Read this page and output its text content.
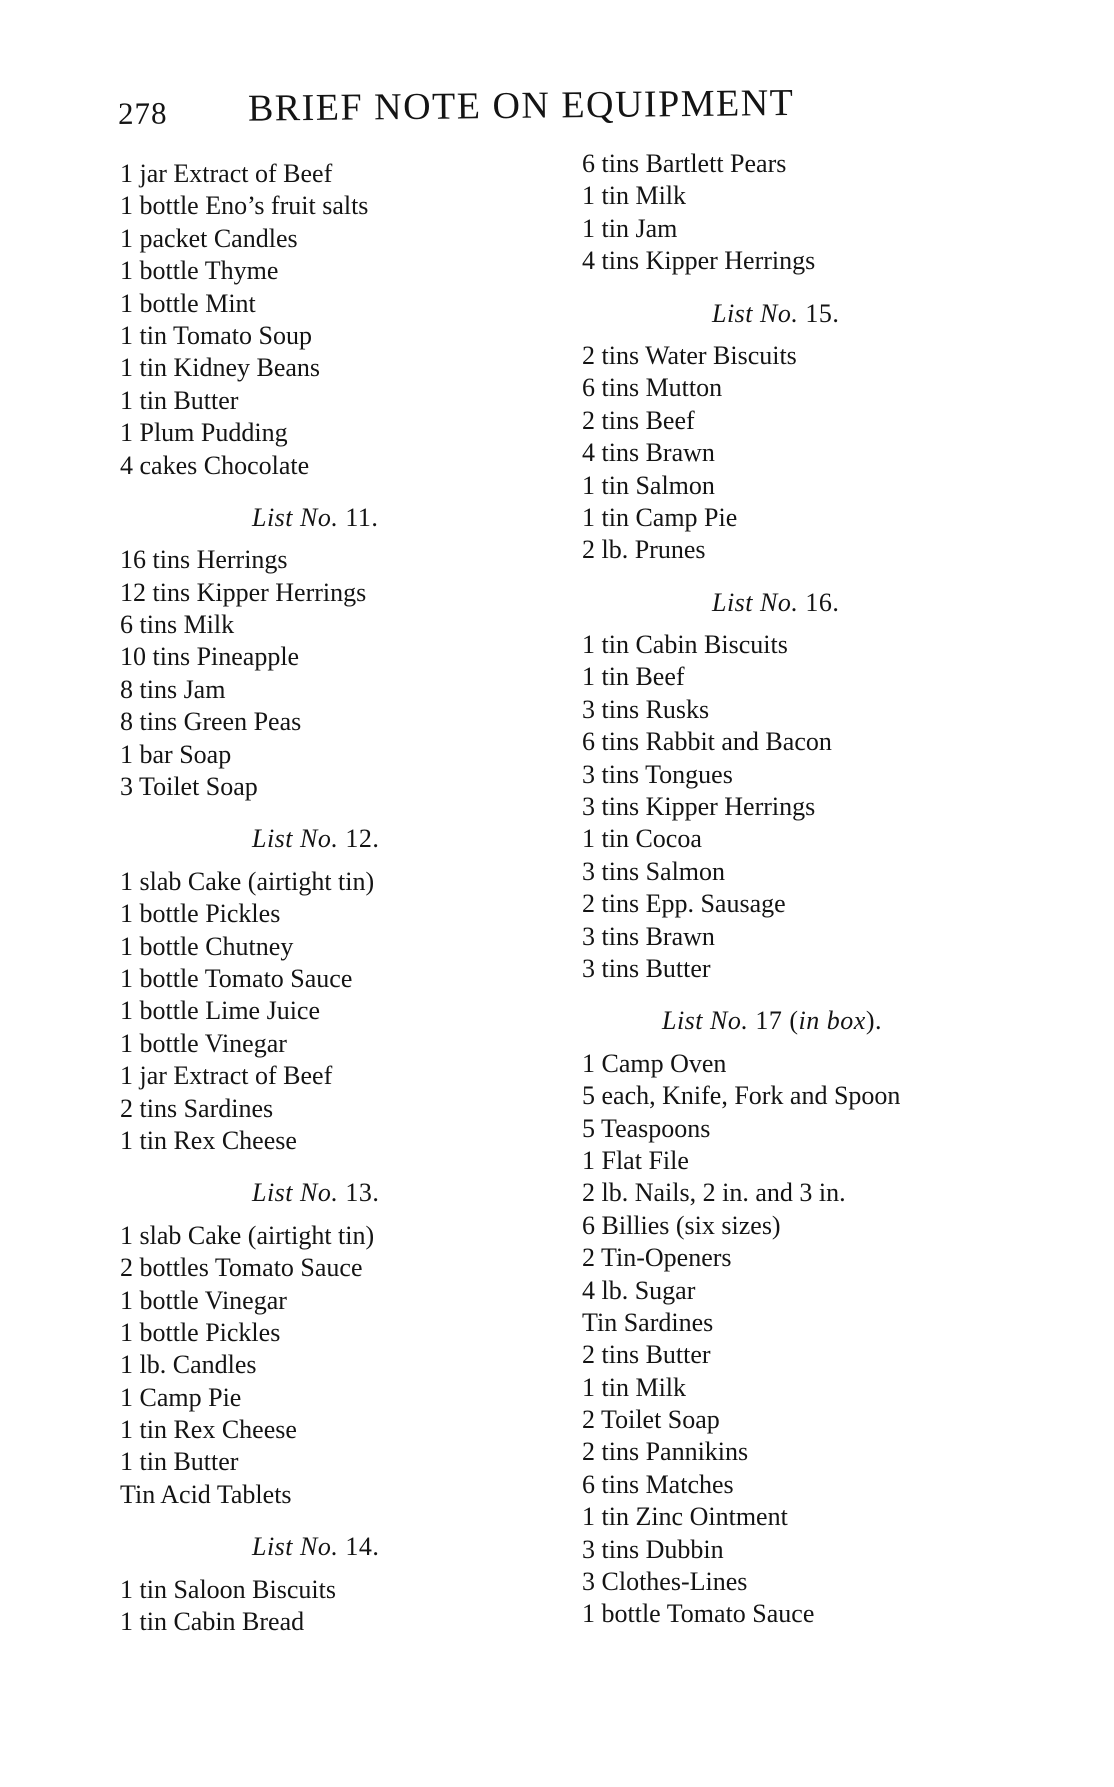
278 BRIEF NOTE ON EQUIPMENT
1 jar Extract of Beef
1 bottle Eno’s fruit salts
1 packet Candles
1 bottle Thyme
1 bottle Mint
1 tin Tomato Soup
1 tin Kidney Beans
1 tin Butter
1 Plum Pudding
4 cakes Chocolate
List No. 11.
16 tins Herrings
12 tins Kipper Herrings
6 tins Milk
10 tins Pineapple
8 tins Jam
8 tins Green Peas
1 bar Soap
3 Toilet Soap
List No. 12.
1 slab Cake (airtight tin)
1 bottle Pickles
1 bottle Chutney
1 bottle Tomato Sauce
1 bottle Lime Juice
1 bottle Vinegar
1 jar Extract of Beef
2 tins Sardines
1 tin Rex Cheese
List No. 13.
1 slab Cake (airtight tin)
2 bottles Tomato Sauce
1 bottle Vinegar
1 bottle Pickles
1 lb. Candles
1 Camp Pie
1 tin Rex Cheese
1 tin Butter
Tin Acid Tablets
List No. 14.
1 tin Saloon Biscuits
1 tin Cabin Bread
6 tins Bartlett Pears
1 tin Milk
1 tin Jam
4 tins Kipper Herrings
List No. 15.
2 tins Water Biscuits
6 tins Mutton
2 tins Beef
4 tins Brawn
1 tin Salmon
1 tin Camp Pie
2 lb. Prunes
List No. 16.
1 tin Cabin Biscuits
1 tin Beef
3 tins Rusks
6 tins Rabbit and Bacon
3 tins Tongues
3 tins Kipper Herrings
1 tin Cocoa
3 tins Salmon
2 tins Epp. Sausage
3 tins Brawn
3 tins Butter
List No. 17 (in box).
1 Camp Oven
5 each, Knife, Fork and Spoon
5 Teaspoons
1 Flat File
2 lb. Nails, 2 in. and 3 in.
6 Billies (six sizes)
2 Tin-Openers
4 lb. Sugar
Tin Sardines
2 tins Butter
1 tin Milk
2 Toilet Soap
2 tins Pannikins
6 tins Matches
1 tin Zinc Ointment
3 tins Dubbin
3 Clothes-Lines
1 bottle Tomato Sauce
